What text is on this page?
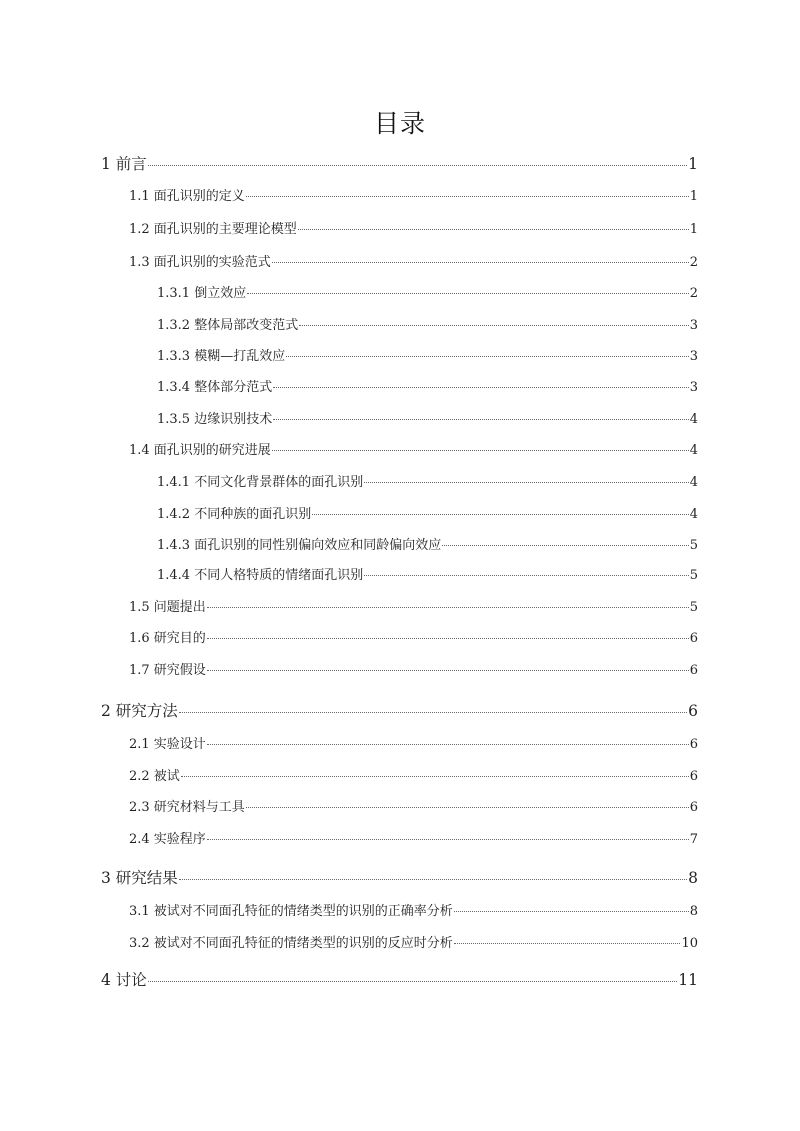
目录
1 前言	1
1.1 面孔识别的定义	1
1.2 面孔识别的主要理论模型	1
1.3 面孔识别的实验范式	2
1.3.1 倒立效应	2
1.3.2 整体局部改变范式	3
1.3.3 模糊—打乱效应	3
1.3.4 整体部分范式	3
1.3.5 边缘识别技术	4
1.4 面孔识别的研究进展	4
1.4.1 不同文化背景群体的面孔识别	4
1.4.2 不同种族的面孔识别	4
1.4.3 面孔识别的同性别偏向效应和同龄偏向效应	5
1.4.4 不同人格特质的情绪面孔识别	5
1.5 问题提出	5
1.6 研究目的	6
1.7 研究假设	6
2 研究方法	6
2.1 实验设计	6
2.2 被试	6
2.3 研究材料与工具	6
2.4 实验程序	7
3 研究结果	8
3.1 被试对不同面孔特征的情绪类型的识别的正确率分析	8
3.2 被试对不同面孔特征的情绪类型的识别的反应时分析	10
4 讨论	11
